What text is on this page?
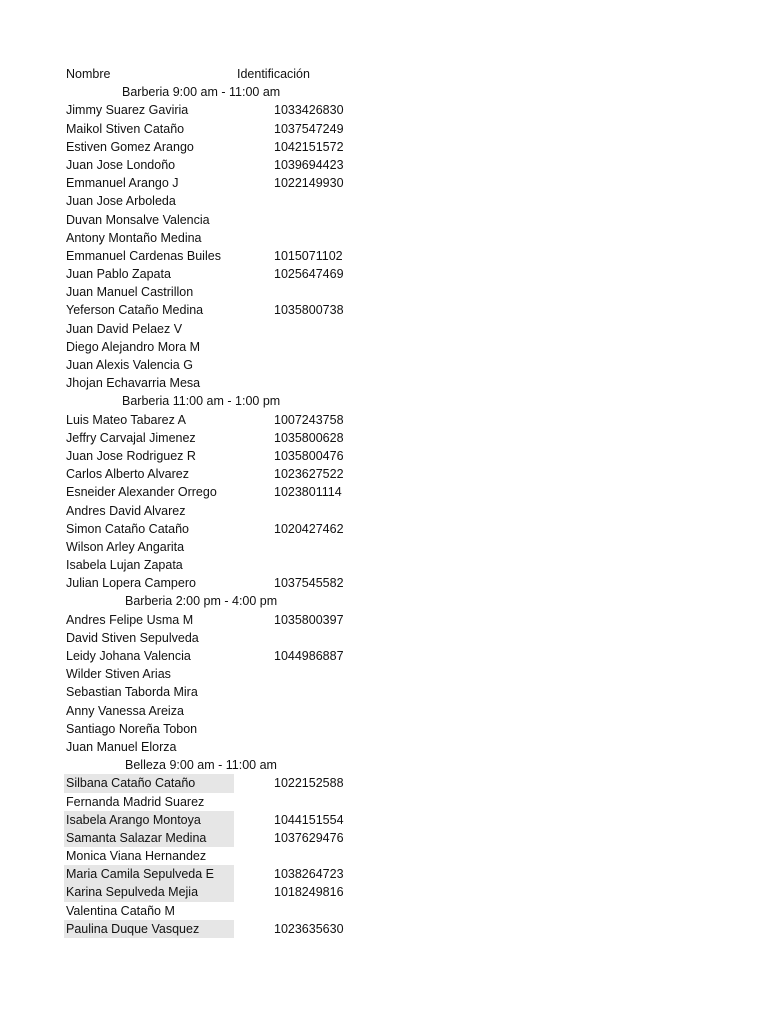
Nombre	Identificación
Barberia 9:00 am - 11:00 am
Jimmy Suarez Gaviria	1033426830
Maikol Stiven Cataño	1037547249
Estiven Gomez Arango	1042151572
Juan Jose Londoño	1039694423
Emmanuel Arango J	1022149930
Juan Jose Arboleda
Duvan Monsalve Valencia
Antony Montaño Medina
Emmanuel Cardenas Builes	1015071102
Juan Pablo Zapata	1025647469
Juan Manuel Castrillon
Yeferson Cataño Medina	1035800738
Juan David Pelaez V
Diego Alejandro Mora M
Juan Alexis Valencia G
Jhojan Echavarria Mesa
Barberia 11:00 am - 1:00 pm
Luis Mateo Tabarez A	1007243758
Jeffry Carvajal Jimenez	1035800628
Juan Jose Rodriguez R	1035800476
Carlos Alberto Alvarez	1023627522
Esneider Alexander Orrego	1023801114
Andres David Alvarez
Simon Cataño Cataño	1020427462
Wilson Arley Angarita
Isabela Lujan Zapata
Julian Lopera Campero	1037545582
Barberia 2:00 pm - 4:00 pm
Andres Felipe Usma M	1035800397
David Stiven Sepulveda
Leidy Johana Valencia	1044986887
Wilder Stiven Arias
Sebastian Taborda Mira
Anny Vanessa Areiza
Santiago Noreña Tobon
Juan Manuel Elorza
Belleza 9:00 am - 11:00 am
Silbana Cataño Cataño	1022152588
Fernanda Madrid Suarez
Isabela Arango Montoya	1044151554
Samanta Salazar Medina	1037629476
Monica Viana Hernandez
Maria Camila Sepulveda E	1038264723
Karina Sepulveda Mejia	1018249816
Valentina Cataño M
Paulina Duque Vasquez	1023635630
